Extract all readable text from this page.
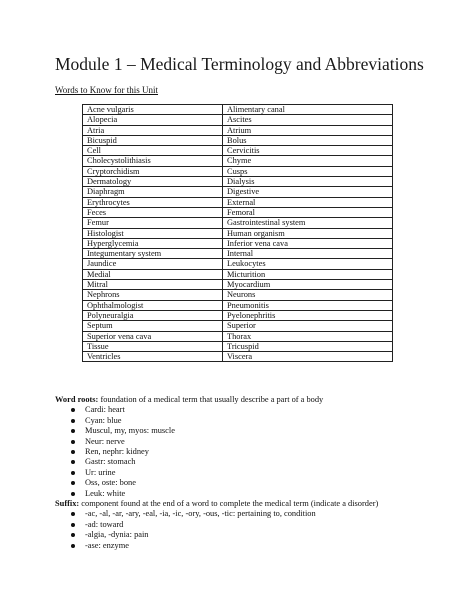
Module 1 – Medical Terminology and Abbreviations
Words to Know for this Unit
Acne vulgaris	Alimentary canal
Alopecia	Ascites
Atria	Atrium
Bicuspid	Bolus
Cell	Cervicitis
Cholecystolithiasis	Chyme
Cryptorchidism	Cusps
Dermatology	Dialysis
Diaphragm	Digestive
Erythrocytes	External
Feces	Femoral
Femur	Gastrointestinal system
Histologist	Human organism
Hyperglycemia	Inferior vena cava
Integumentary system	Internal
Jaundice	Leukocytes
Medial	Micturition
Mitral	Myocardium
Nephrons	Neurons
Ophthalmologist	Pneumonitis
Polyneuralgia	Pyelonephritis
Septum	Superior
Superior vena cava	Thorax
Tissue	Tricuspid
Ventricles	Viscera

Word roots: foundation of a medical term that usually describe a part of a body

Cardi: heart
Cyan: blue
Muscul, my, myos: muscle
Neur: nerve
Ren, nephr: kidney
Gastr: stomach
Ur: urine
Oss, oste: bone
Leuk: white

Suffix: component found at the end of a word to complete the medical term (indicate a disorder)

-ac, -al, -ar, -ary, -eal, -ia, -ic, -ory, -ous, -tic: pertaining to, condition
-ad: toward
-algia, -dynia: pain
-ase: enzyme
